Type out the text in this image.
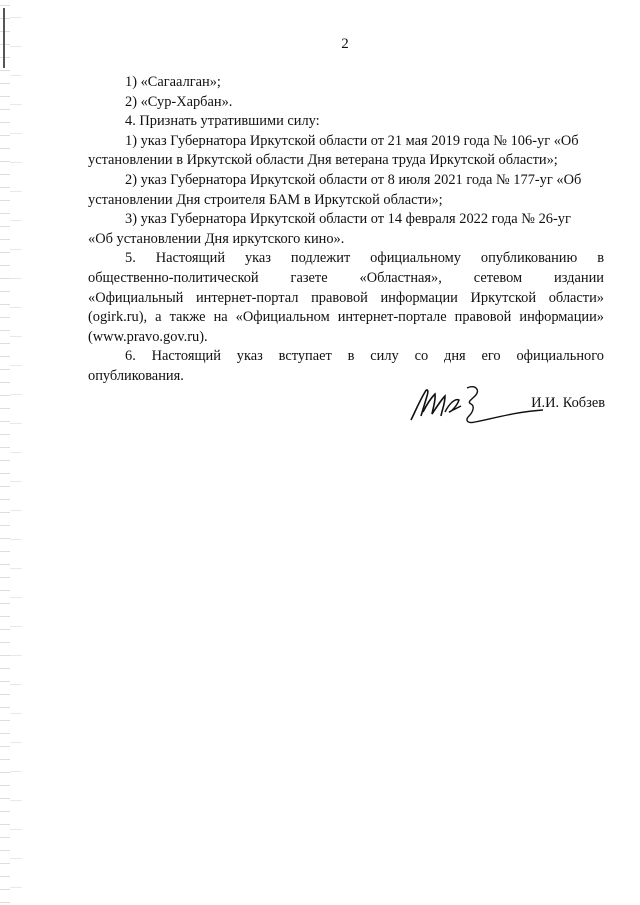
2

1) «Сагаалган»;

2) «Сур-Харбан».

4. Признать утратившими силу:

1) указ Губернатора Иркутской области от 21 мая 2019 года № 106-уг «Об

установлении в Иркутской области Дня ветерана труда Иркутской области»;

2) указ Губернатора Иркутской области от 8 июля 2021 года № 177-уг «Об

установлении Дня строителя БАМ в Иркутской области»;

3) указ Губернатора Иркутской области от 14 февраля 2022 года № 26-уг

«Об установлении Дня иркутского кино».

5. Настоящий указ подлежит официальному опубликованию в

общественно-политической газете «Областная», сетевом издании

«Официальный интернет-портал правовой информации Иркутской области»

(ogirk.ru), а также на «Официальном интернет-портале правовой информации»

(www.pravo.gov.ru).

6. Настоящий указ вступает в силу со дня его официального

опубликования.

И.И. Кобзев
